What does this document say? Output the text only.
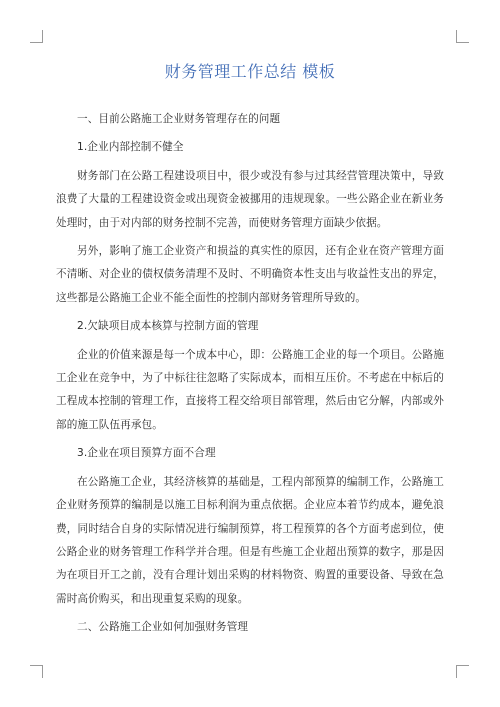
财务管理工作总结 模板

一、目前公路施工企业财务管理存在的问题

1.企业内部控制不健全

财务部门在公路工程建设项目中，很少或没有参与过其经营管理决策中，导致浪费了大量的工程建设资金或出现资金被挪用的违规现象。一些公路企业在新业务处理时，由于对内部的财务控制不完善，而使财务管理方面缺少依据。

另外，影响了施工企业资产和损益的真实性的原因，还有企业在资产管理方面不清晰、对企业的债权债务清理不及时、不明确资本性支出与收益性支出的界定，这些都是公路施工企业不能全面性的控制内部财务管理所导致的。

2.欠缺项目成本核算与控制方面的管理

企业的价值来源是每一个成本中心，即：公路施工企业的每一个项目。公路施工企业在竞争中，为了中标往往忽略了实际成本，而相互压价。不考虑在中标后的工程成本控制的管理工作，直接将工程交给项目部管理，然后由它分解，内部或外部的施工队伍再承包。

3.企业在项目预算方面不合理

在公路施工企业，其经济核算的基础是，工程内部预算的编制工作，公路施工企业财务预算的编制是以施工目标利润为重点依据。企业应本着节约成本，避免浪费，同时结合自身的实际情况进行编制预算，将工程预算的各个方面考虑到位，使公路企业的财务管理工作科学并合理。但是有些施工企业超出预算的数字，那是因为在项目开工之前，没有合理计划出采购的材料物资、购置的重要设备、导致在急需时高价购买，和出现重复采购的现象。

二、公路施工企业如何加强财务管理
